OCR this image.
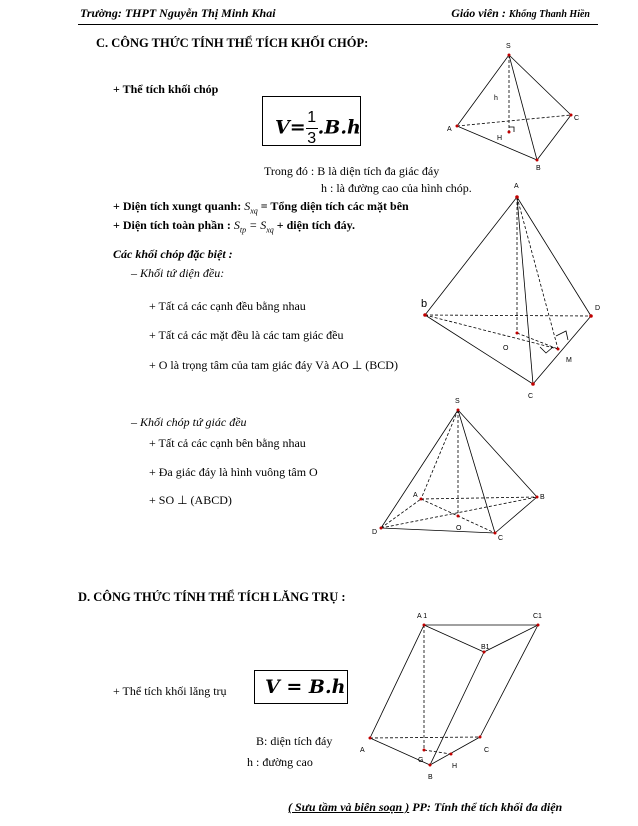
Trường: THPT Nguyễn Thị Minh Khai	Giáo viên : Khổng Thanh Hiền
C. CÔNG THỨC TÍNH THỂ TÍCH KHỐI CHÓP:
+ Thể tích khối chóp
$V= \frac{1}{3} .B.h$
Trong đó : B là diện tích đa giác đáy
h : là đường cao của hình chóp.
+ Diện tích xungt quanh: $S_{xq}$ = Tổng diện tích các mặt bên
+ Diện tích toàn phần : $S_{tp} = S_{xq}$ + diện tích đáy.
Các khối chóp đặc biệt :
– Khối tứ diện đều:
+ Tất cả các cạnh đều bằng nhau
+ Tất cả các mặt đều là các tam giác đều
+ O là trọng tâm của tam giác đáy Và AO ⊥ (BCD)
– Khối chóp tứ giác đều
+ Tất cả các cạnh bên bằng nhau
+ Đa giác đáy là hình vuông tâm O
+ SO ⊥ (ABCD)
D. CÔNG THỨC TÍNH THỂ TÍCH LĂNG TRỤ :
+ Thể tích khối lăng trụ V = B.h
B: diện tích đáy
h : đường cao
( Sưu tầm và biên soạn ) PP: Tính thể tích khối đa diện
S
h
A
H
B
C
A
b	D
O
M
C
S
A	B
D
O
C
A 1	C1
B1
A
G
C
H
B
